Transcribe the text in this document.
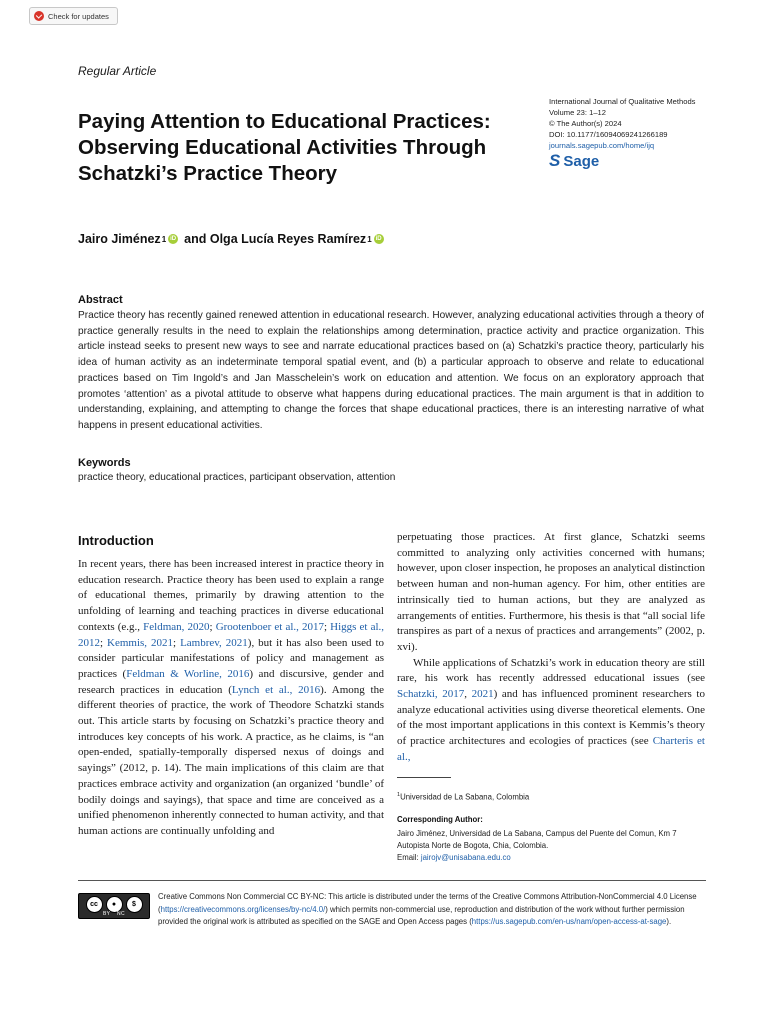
Check for updates
Regular Article
Paying Attention to Educational Practices: Observing Educational Activities Through Schatzki’s Practice Theory
International Journal of Qualitative Methods
Volume 23: 1–12
© The Author(s) 2024
DOI: 10.1177/16094069241266189
journals.sagepub.com/home/ijq
S Sage
Jairo Jiménez 1 iD and
Olga Lucía Reyes Ramírez 1 iD
Abstract

Practice theory has recently gained renewed attention in educational research. However, analyzing educational activities through a theory of practice generally results in the need to explain the relationships among determination, practice activity and practice organization. This article instead seeks to present new ways to see and narrate educational practices based on (a) Schatzki’s practice theory, particularly his idea of human activity as an indeterminate temporal spatial event, and (b) a particular approach to observe and relate to educational practices based on Tim Ingold’s and Jan Masschelein’s work on education and attention. We focus on an exploratory approach that promotes ‘attention’ as a pivotal attitude to observe what happens during educational practices. The main argument is that in addition to understanding, explaining, and attempting to change the forces that shape educational practices, there is an interesting narrative of what happens in present educational activities.

Keywords
practice theory, educational practices, participant observation, attention
Introduction

In recent years, there has been increased interest in practice theory in education research. Practice theory has been used to explain a range of educational themes, primarily by drawing attention to the unfolding of learning and teaching practices in diverse educational contexts (e.g., Feldman, 2020; Grootenboer et al., 2017; Higgs et al., 2012; Kemmis, 2021; Lambrev, 2021), but it has also been used to consider particular manifestations of policy and management as practices (Feldman & Worline, 2016) and discursive, gender and research practices in education (Lynch et al., 2016). Among the different theories of practice, the work of Theodore Schatzki stands out. This article starts by focusing on Schatzki’s practice theory and introduces key concepts of his work. A practice, as he claims, is “an open-ended, spatially-temporally dispersed nexus of doings and sayings” (2012, p. 14). The main implications of this claim are that practices embrace activity and organization (an organized ‘bundle’ of bodily doings and sayings), that space and time are conceived as a unified phenomenon inherently connected to human activity, and that human actions are continually unfolding and

perpetuating those practices. At first glance, Schatzki seems committed to analyzing only activities concerned with humans; however, upon closer inspection, he proposes an analytical distinction between human and non-human agency. For him, other entities are intrinsically tied to human actions, but they are analyzed as arrangements of entities. Furthermore, his thesis is that “all social life transpires as part of a nexus of practices and arrangements” (2002, p. xvi).

While applications of Schatzki’s work in education theory are still rare, his work has recently addressed educational issues (see Schatzki, 2017, 2021) and has influenced prominent researchers to analyze educational activities using diverse theoretical elements. One of the most important applications in this context is Kemmis’s theory of practice architectures and ecologies of practices (see Charteris et al.,

$^1$Universidad de La Sabana, Colombia
Corresponding Author:
Jairo Jiménez, Universidad de La Sabana, Campus del Puente del Comun, Km 7 Autopista Norte de Bogota, Chia, Colombia.
Email: jairojv@unisabana.edu.co

Creative Commons Non Commercial CC BY-NC: This article is distributed under the terms of the Creative Commons Attribution-NonCommercial 4.0 License (https://creativecommons.org/licenses/by-nc/4.0/) which permits non-commercial use, reproduction and distribution of the work without further permission provided the original work is attributed as specified on the SAGE and Open Access pages (https://us.sagepub.com/en-us/nam/open-access-at-sage).

cc	●	$
BY NC
